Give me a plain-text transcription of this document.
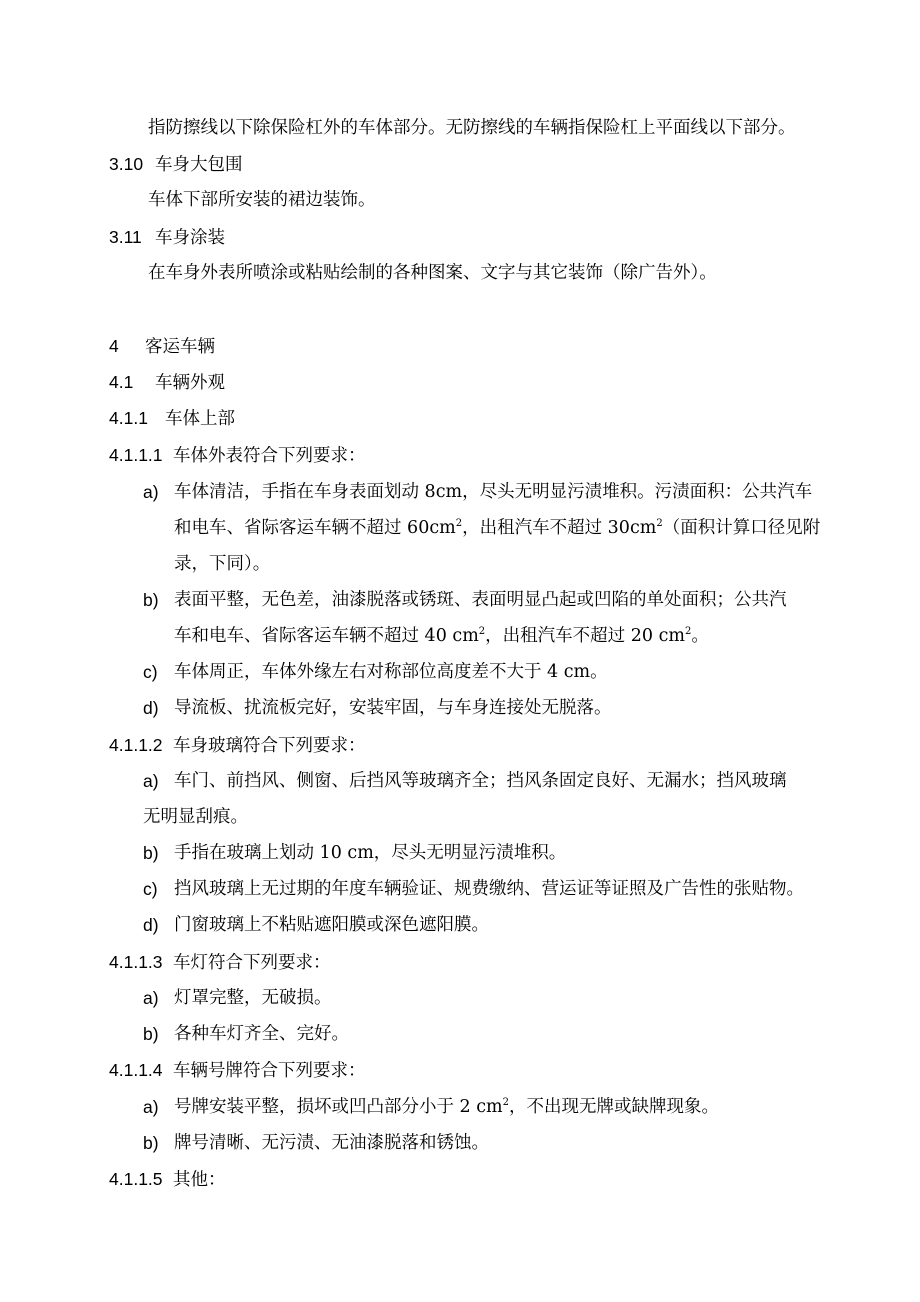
指防擦线以下除保险杠外的车体部分。无防擦线的车辆指保险杠上平面线以下部分。

3.10 车身大包围

车体下部所安装的裙边装饰。

3.11 车身涂装

在车身外表所喷涂或粘贴绘制的各种图案、文字与其它装饰（除广告外）。

4 客运车辆

4.1 车辆外观

4.1.1 车体上部

4.1.1.1 车体外表符合下列要求：

a) 车体清洁，手指在车身表面划动 8cm，尽头无明显污渍堆积。污渍面积：公共汽车

和电车、省际客运车辆不超过 $60cm^2$，出租汽车不超过 $30cm^2$（面积计算口径见附

录，下同）。

b) 表面平整，无色差，油漆脱落或锈斑、表面明显凸起或凹陷的单处面积；公共汽

车和电车、省际客运车辆不超过 40 $cm^2$，出租汽车不超过 20 $cm^2$。

c) 车体周正，车体外缘左右对称部位高度差不大于 4 cm。

d) 导流板、扰流板完好，安装牢固，与车身连接处无脱落。

4.1.1.2 车身玻璃符合下列要求：

a) 车门、前挡风、侧窗、后挡风等玻璃齐全；挡风条固定良好、无漏水；挡风玻璃

无明显刮痕。

b) 手指在玻璃上划动 10 cm，尽头无明显污渍堆积。

c) 挡风玻璃上无过期的年度车辆验证、规费缴纳、营运证等证照及广告性的张贴物。

d) 门窗玻璃上不粘贴遮阳膜或深色遮阳膜。

4.1.1.3 车灯符合下列要求：

a) 灯罩完整，无破损。

b) 各种车灯齐全、完好。

4.1.1.4 车辆号牌符合下列要求：

a) 号牌安装平整，损坏或凹凸部分小于 2 $cm^2$，不出现无牌或缺牌现象。

b) 牌号清晰、无污渍、无油漆脱落和锈蚀。

4.1.1.5 其他：
